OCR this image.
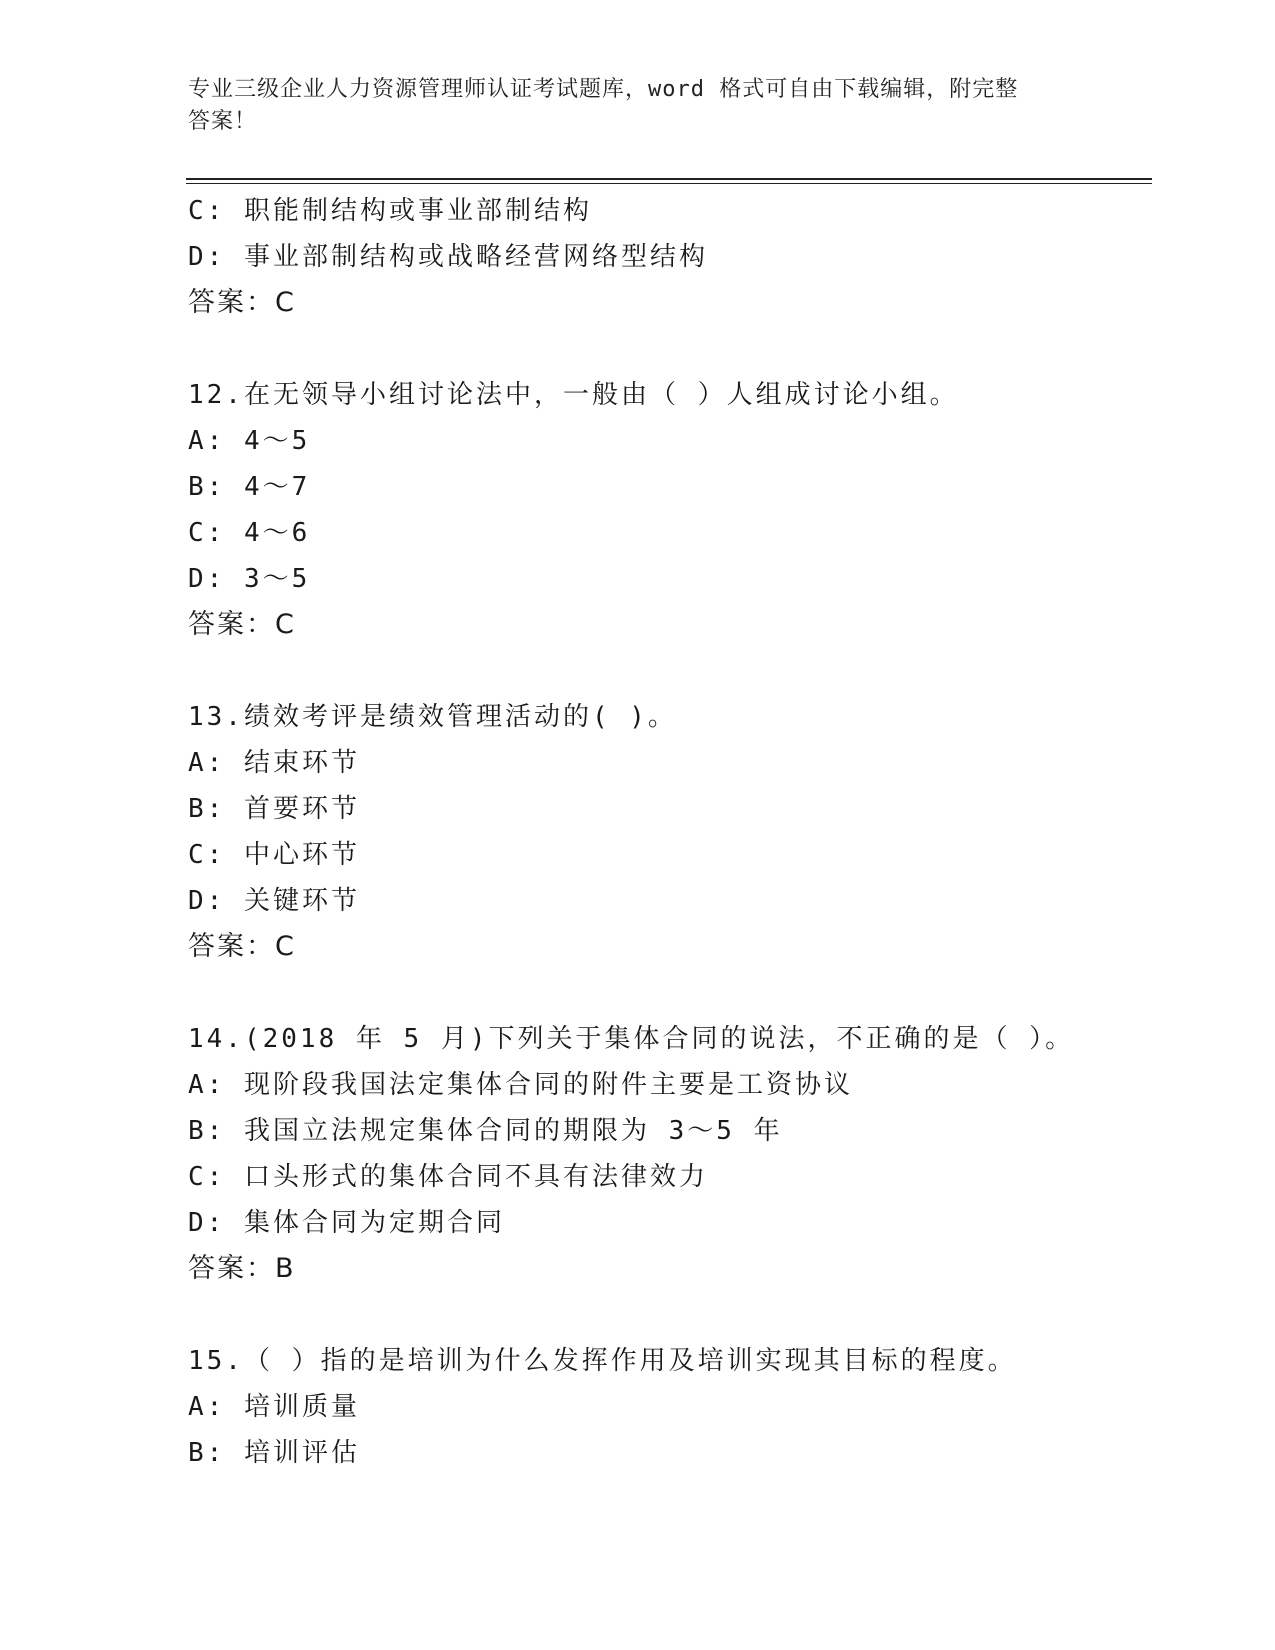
专业三级企业人力资源管理师认证考试题库，word 格式可自由下载编辑，附完整
答案！
C: 职能制结构或事业部制结构
D: 事业部制结构或战略经营网络型结构
答案：C
12.在无领导小组讨论法中，一般由（ ）人组成讨论小组。
A: 4～5
B: 4～7
C: 4～6
D: 3～5
答案：C
13.绩效考评是绩效管理活动的( )。
A: 结束环节
B: 首要环节
C: 中心环节
D: 关键环节
答案：C
14.(2018 年 5 月)下列关于集体合同的说法，不正确的是（ ）。
A: 现阶段我国法定集体合同的附件主要是工资协议
B: 我国立法规定集体合同的期限为 3～5 年
C: 口头形式的集体合同不具有法律效力
D: 集体合同为定期合同
答案：B
15.（ ）指的是培训为什么发挥作用及培训实现其目标的程度。
A: 培训质量
B: 培训评估
